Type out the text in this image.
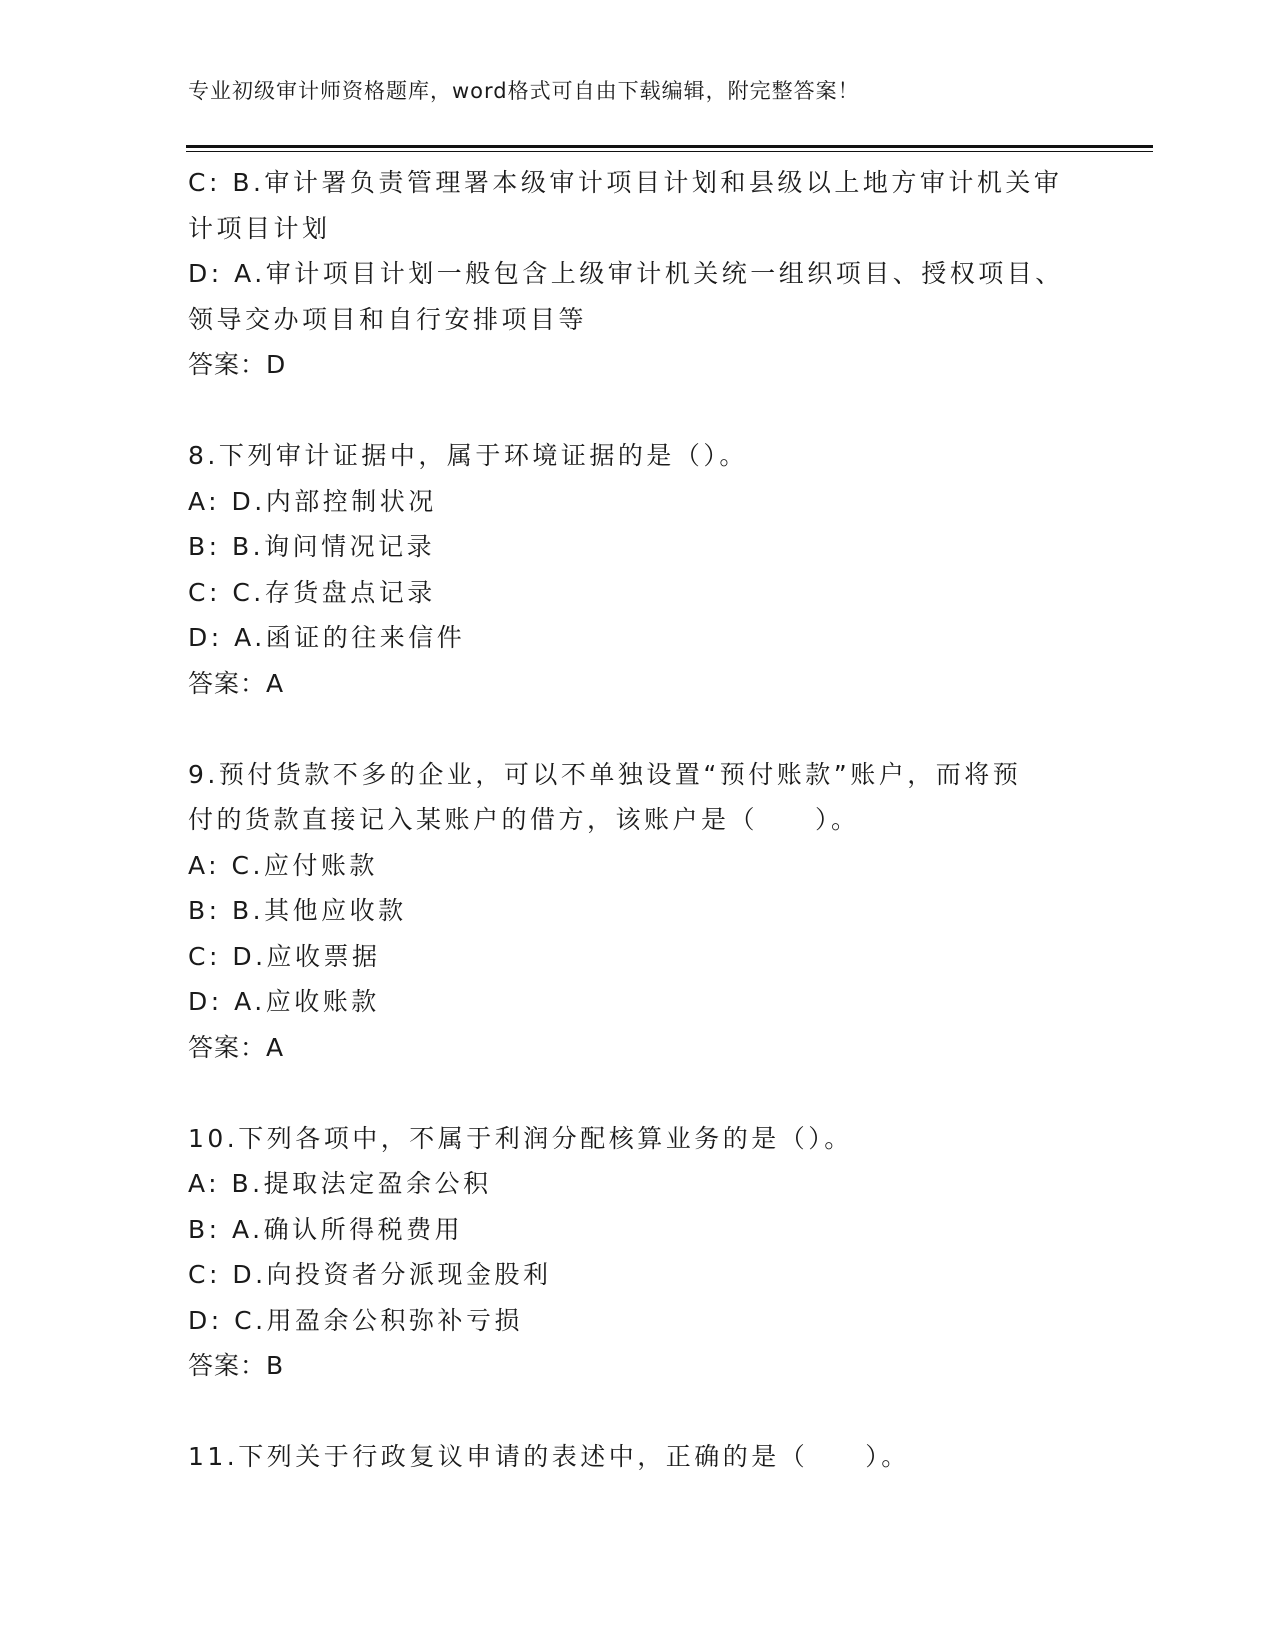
专业初级审计师资格题库，word格式可自由下载编辑，附完整答案！
C: B.审计署负责管理署本级审计项目计划和县级以上地方审计机关审
计项目计划
D: A.审计项目计划一般包含上级审计机关统一组织项目、授权项目、
领导交办项目和自行安排项目等
答案：D
8.下列审计证据中，属于环境证据的是（）。
A: D.内部控制状况
B: B.询问情况记录
C: C.存货盘点记录
D: A.函证的往来信件
答案：A
9.预付货款不多的企业，可以不单独设置“预付账款”账户，而将预
付的货款直接记入某账户的借方，该账户是（　　）。
A: C.应付账款
B: B.其他应收款
C: D.应收票据
D: A.应收账款
答案：A
10.下列各项中，不属于利润分配核算业务的是（）。
A: B.提取法定盈余公积
B: A.确认所得税费用
C: D.向投资者分派现金股利
D: C.用盈余公积弥补亏损
答案：B
11.下列关于行政复议申请的表述中，正确的是（　　）。
